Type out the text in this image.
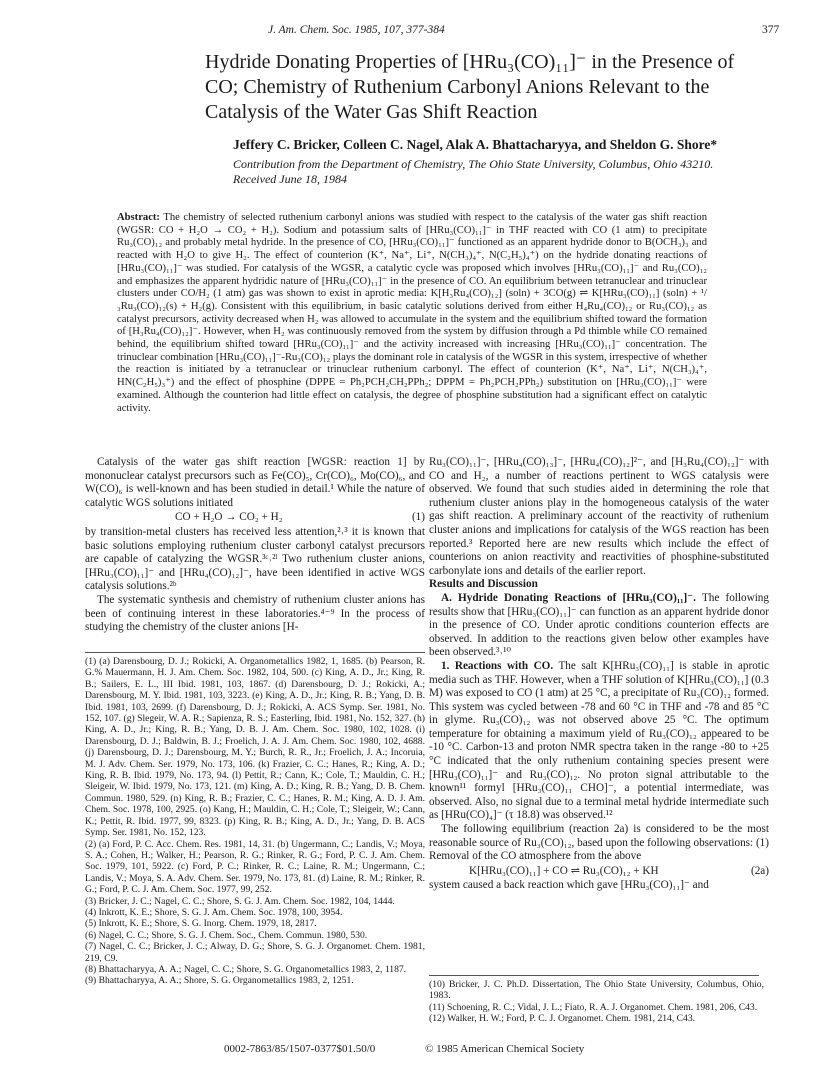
J. Am. Chem. Soc. 1985, 107, 377-384	377
Hydride Donating Properties of [HRu₃(CO)₁₁]⁻ in the Presence of CO; Chemistry of Ruthenium Carbonyl Anions Relevant to the Catalysis of the Water Gas Shift Reaction
Jeffery C. Bricker, Colleen C. Nagel, Alak A. Bhattacharyya, and Sheldon G. Shore*
Contribution from the Department of Chemistry, The Ohio State University, Columbus, Ohio 43210. Received June 18, 1984
Abstract: The chemistry of selected ruthenium carbonyl anions was studied with respect to the catalysis of the water gas shift reaction (WGSR: CO + H₂O → CO₂ + H₂). Sodium and potassium salts of [HRu₃(CO)₁₁]⁻ in THF reacted with CO (1 atm) to precipitate Ru₃(CO)₁₂ and probably metal hydride. In the presence of CO, [HRu₃(CO)₁₁]⁻ functioned as an apparent hydride donor to B(OCH₃)₃ and reacted with H₂O to give H₂. The effect of counterion (K⁺, Na⁺, Li⁺, N(CH₃)₄⁺, N(C₂H₅)₄⁺) on the hydride donating reactions of [HRu₃(CO)₁₁]⁻ was studied. For catalysis of the WGSR, a catalytic cycle was proposed which involves [HRu₃(CO)₁₁]⁻ and Ru₃(CO)₁₂ and emphasizes the apparent hydridic nature of [HRu₃(CO)₁₁]⁻ in the presence of CO. An equilibrium between tetranuclear and trinuclear clusters under CO/H₂ (1 atm) gas was shown to exist in aprotic media: K[H₃Ru₄(CO)₁₂] (soln) + 3CO(g) ⇌ K[HRu₃(CO)₁₁] (soln) + ¹/₃Ru₃(CO)₁₂(s) + H₂(g). Consistent with this equilibrium, in basic catalytic solutions derived from either H₄Ru₄(CO)₁₂ or Ru₃(CO)₁₂ as catalyst precursors, activity decreased when H₂ was allowed to accumulate in the system and the equilibrium shifted toward the formation of [H₃Ru₄(CO)₁₂]⁻. However, when H₂ was continuously removed from the system by diffusion through a Pd thimble while CO remained behind, the equilibrium shifted toward [HRu₃(CO)₁₁]⁻ and the activity increased with increasing [HRu₃(CO)₁₁]⁻ concentration. The trinuclear combination [HRu₃(CO)₁₁]⁻-Ru₃(CO)₁₂ plays the dominant role in catalysis of the WGSR in this system, irrespective of whether the reaction is initiated by a tetranuclear or trinuclear ruthenium carbonyl. The effect of counterion (K⁺, Na⁺, Li⁺, N(CH₃)₄⁺, HN(C₂H₅)₃⁺) and the effect of phosphine (DPPE = Ph₂PCH₂CH₂PPh₂; DPPM = Ph₂PCH₂PPh₂) substitution on [HRu₃(CO)₁₁]⁻ were examined. Although the counterion had little effect on catalysis, the degree of phosphine substitution had a significant effect on catalytic activity.

Catalysis of the water gas shift reaction [WGSR: reaction 1] by mononuclear catalyst precursors such as Fe(CO)₅, Cr(CO)₆, Mo(CO)₆, and W(CO)₆ is well-known and has been studied in detail.¹ While the nature of catalytic WGS solutions initiated

CO + H₂O → CO₂ + H₂	(1)

by transition-metal clusters has received less attention,²˒³ it is known that basic solutions employing ruthenium cluster carbonyl catalyst precursors are capable of catalyzing the WGSR.³ᶜ˒²ˡ Two ruthenium cluster anions, [HRu₃(CO)₁₁]⁻ and [HRu₄(CO)₁₂]⁻, have been identified in active WGS catalysis solutions.²ᵇ

The systematic synthesis and chemistry of ruthenium cluster anions has been of continuing interest in these laboratories.⁴⁻⁹ In the process of studying the chemistry of the cluster anions [H-

(1) (a) Darensbourg, D. J.; Rokicki, A. Organometallics 1982, 1, 1685. (b) Pearson, R. G.% Mauermann, H. J. Am. Chem. Soc. 1982, 104, 500. (c) King, A. D., Jr.; King, R. B.; Sailers, E. L., III Ibid. 1981, 103, 1867. (d) Darensbourg, D. J.; Rokicki, A.; Darensbourg, M. Y. Ibid. 1981, 103, 3223. (e) King, A. D., Jr.; King, R. B.; Yang, D. B. Ibid. 1981, 103, 2699. (f) Darensbourg, D. J.; Rokicki, A. ACS Symp. Ser. 1981, No. 152, 107. (g) Slegeir, W. A. R.; Sapienza, R. S.; Easterling, Ibid. 1981, No. 152, 327. (h) King, A. D., Jr.; King, R. B.; Yang, D. B. J. Am. Chem. Soc. 1980, 102, 1028. (i) Darensbourg, D. J.; Baldwin, B. J.; Froelich, J. A. J. Am. Chem. Soc. 1980, 102, 4688. (j) Darensbourg, D. J.; Darensbourg, M. Y.; Burch, R. R., Jr.; Froelich, J. A.; Incoruia, M. J. Adv. Chem. Ser. 1979, No. 173, 106. (k) Frazier, C. C.; Hanes, R.; King, A. D.; King, R. B. Ibid. 1979, No. 173, 94. (l) Pettit, R.; Cann, K.; Cole, T.; Mauldin, C. H.; Sleigeir, W. Ibid. 1979, No. 173, 121. (m) King, A. D.; King, R. B.; Yang, D. B. Chem. Commun. 1980, 529. (n) King, R. B.; Frazier, C. C.; Hanes, R. M.; King, A. D. J. Am. Chem. Soc. 1978, 100, 2925. (o) Kang, H.; Mauldin, C. H.; Cole, T.; Sleigeir, W.; Cann, K.; Pettit, R. Ibid. 1977, 99, 8323. (p) King, R. B.; King, A. D., Jr.; Yang, D. B. ACS Symp. Ser. 1981, No. 152, 123.

(2) (a) Ford, P. C. Acc. Chem. Res. 1981, 14, 31. (b) Ungermann, C.; Landis, V.; Moya, S. A.; Cohen, H.; Walker, H.; Pearson, R. G.; Rinker, R. G.; Ford, P. C. J. Am. Chem. Soc. 1979, 101, 5922. (c) Ford, P. C.; Rinker, R. C.; Laine, R. M.; Ungermann, C.; Landis, V.; Moya, S. A. Adv. Chem. Ser. 1979, No. 173, 81. (d) Laine, R. M.; Rinker, R. G.; Ford, P. C. J. Am. Chem. Soc. 1977, 99, 252.

(3) Bricker, J. C.; Nagel, C. C.; Shore, S. G. J. Am. Chem. Soc. 1982, 104, 1444.

(4) Inkrott, K. E.; Shore, S. G. J. Am. Chem. Soc. 1978, 100, 3954.

(5) Inkrott, K. E.; Shore, S. G. Inorg. Chem. 1979, 18, 2817.

(6) Nagel, C. C.; Shore, S. G. J. Chem. Soc., Chem. Commun. 1980, 530.

(7) Nagel, C. C.; Bricker, J. C.; Alway, D. G.; Shore, S. G. J. Organomet. Chem. 1981, 219, C9.

(8) Bhattacharyya, A. A.; Nagel, C. C.; Shore, S. G. Organometallics 1983, 2, 1187.

(9) Bhattacharyya, A. A.; Shore, S. G. Organometallics 1983, 2, 1251.

Ru₃(CO)₁₁]⁻, [HRu₄(CO)₁₃]⁻, [HRu₄(CO)₁₂]²⁻, and [H₃Ru₄(CO)₁₂]⁻ with CO and H₂, a number of reactions pertinent to WGS catalysis were observed. We found that such studies aided in determining the role that ruthenium cluster anions play in the homogeneous catalysis of the water gas shift reaction. A preliminary account of the reactivity of ruthenium cluster anions and implications for catalysis of the WGS reaction has been reported.³ Reported here are new results which include the effect of counterions on anion reactivity and reactivities of phosphine-substituted carbonylate ions and details of the earlier report.

Results and Discussion

A. Hydride Donating Reactions of [HRu₃(CO)₁₁]⁻. The following results show that [HRu₃(CO)₁₁]⁻ can function as an apparent hydride donor in the presence of CO. Under aprotic conditions counterion effects are observed. In addition to the reactions given below other examples have been observed.³˒¹⁰

1. Reactions with CO. The salt K[HRu₃(CO)₁₁] is stable in aprotic media such as THF. However, when a THF solution of K[HRu₃(CO)₁₁] (0.3 M) was exposed to CO (1 atm) at 25 °C, a precipitate of Ru₃(CO)₁₂ formed. This system was cycled between -78 and 60 °C in THF and -78 and 85 °C in glyme. Ru₃(CO)₁₂ was not observed above 25 °C. The optimum temperature for obtaining a maximum yield of Ru₃(CO)₁₂ appeared to be -10 °C. Carbon-13 and proton NMR spectra taken in the range -80 to +25 °C indicated that the only ruthenium containing species present were [HRu₃(CO)₁₁]⁻ and Ru₃(CO)₁₂. No proton signal attributable to the known¹¹ formyl [HRu₃(CO)₁₁ CHO]⁻, a potential intermediate, was observed. Also, no signal due to a terminal metal hydride intermediate such as [HRu(CO)₄]⁻ (τ 18.8) was observed.¹²

The following equilibrium (reaction 2a) is considered to be the most reasonable source of Ru₃(CO)₁₂, based upon the following observations: (1) Removal of the CO atmosphere from the above

K[HRu₃(CO)₁₁] + CO ⇌ Ru₃(CO)₁₂ + KH	(2a)

system caused a back reaction which gave [HRu₃(CO)₁₁]⁻ and

(10) Bricker, J. C. Ph.D. Dissertation, The Ohio State University, Columbus, Ohio, 1983.

(11) Schoening, R. C.; Vidal, J. L.; Fiato, R. A. J. Organomet. Chem. 1981, 206, C43.

(12) Walker, H. W.; Ford, P. C. J. Organomet. Chem. 1981, 214, C43.

0002-7863/85/1507-0377$01.50/0	© 1985 American Chemical Society
